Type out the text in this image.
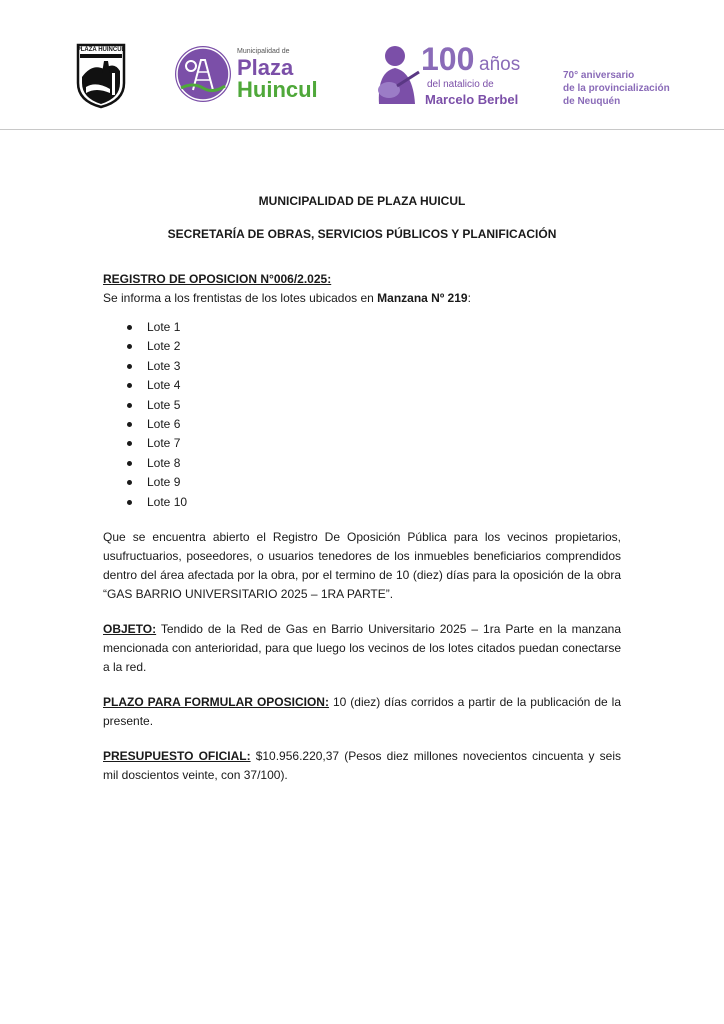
PLAZA HUINCUL	Municipalidad de
Plaza
Huincul
100 años
del natalicio de
Marcelo Berbel
70° aniversario
de la provincialización
de Neuquén

MUNICIPALIDAD DE PLAZA HUICUL

SECRETARÍA DE OBRAS, SERVICIOS PÚBLICOS Y PLANIFICACIÓN

REGISTRO DE OPOSICION N°006/2.025:
Se informa a los frentistas de los lotes ubicados en Manzana Nº 219:
Lote 1
Lote 2
Lote 3
Lote 4
Lote 5
Lote 6
Lote 7
Lote 8
Lote 9
Lote 10

Que se encuentra abierto el Registro De Oposición Pública para los vecinos propietarios, usufructuarios, poseedores, o usuarios tenedores de los inmuebles beneficiarios comprendidos dentro del área afectada por la obra, por el termino de 10 (diez) días para la oposición de la obra “GAS BARRIO UNIVERSITARIO 2025 – 1RA PARTE”.

OBJETO: Tendido de la Red de Gas en Barrio Universitario 2025 – 1ra Parte en la manzana mencionada con anterioridad, para que luego los vecinos de los lotes citados puedan conectarse a la red.

PLAZO PARA FORMULAR OPOSICION: 10 (diez) días corridos a partir de la publicación de la presente.

PRESUPUESTO OFICIAL: $10.956.220,37 (Pesos diez millones novecientos cincuenta y seis mil doscientos veinte, con 37/100).
